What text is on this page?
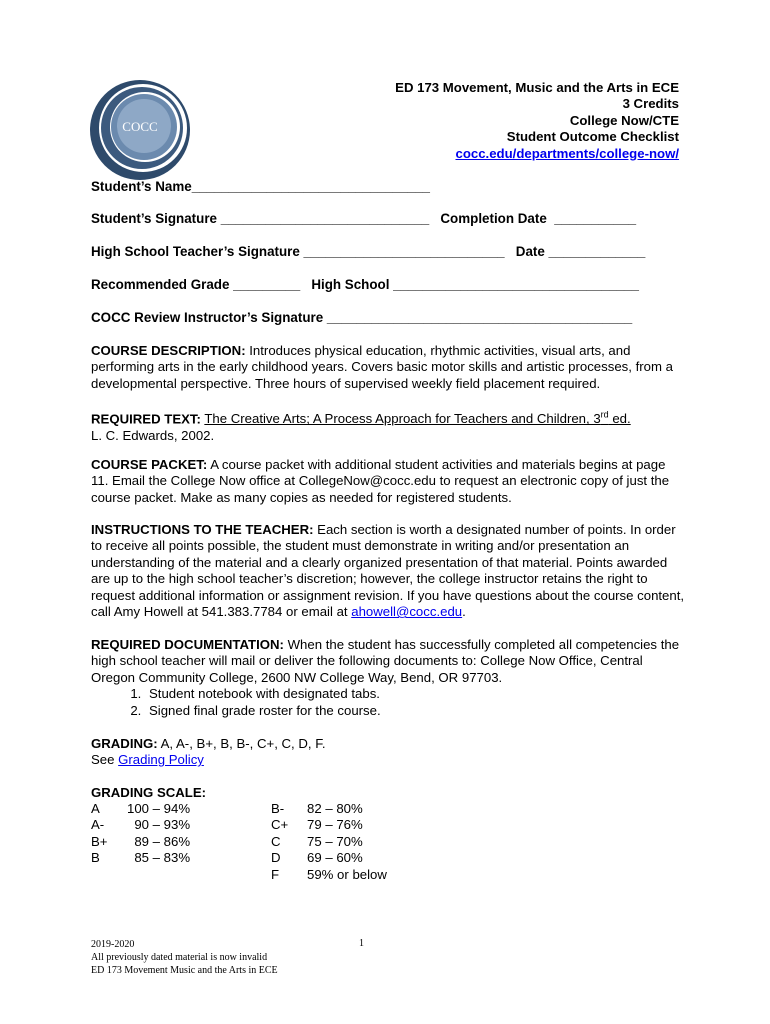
COCC
ED 173 Movement, Music and the Arts in ECE
3 Credits
College Now/CTE
Student Outcome Checklist
cocc.edu/departments/college-now/
Student’s Name________________________________
Student’s Signature ____________________________   Completion Date  ___________
High School Teacher’s Signature ___________________________   Date _____________
Recommended Grade _________   High School _________________________________
COCC Review Instructor’s Signature _________________________________________
COURSE DESCRIPTION: Introduces physical education, rhythmic activities, visual arts, and performing arts in the early childhood years. Covers basic motor skills and artistic processes, from a developmental perspective. Three hours of supervised weekly field placement required.
REQUIRED TEXT: The Creative Arts; A Process Approach for Teachers and Children, 3rd ed.
L. C. Edwards, 2002.
COURSE PACKET: A course packet with additional student activities and materials begins at page 11. Email the College Now office at CollegeNow@cocc.edu to request an electronic copy of just the course packet. Make as many copies as needed for registered students.
INSTRUCTIONS TO THE TEACHER: Each section is worth a designated number of points. In order to receive all points possible, the student must demonstrate in writing and/or presentation an understanding of the material and a clearly organized presentation of that material. Points awarded are up to the high school teacher’s discretion; however, the college instructor retains the right to request additional information or assignment revision. If you have questions about the course content, call Amy Howell at 541.383.7784 or email at ahowell@cocc.edu.
REQUIRED DOCUMENTATION: When the student has successfully completed all competencies the high school teacher will mail or deliver the following documents to: College Now Office, Central Oregon Community College, 2600 NW College Way, Bend, OR 97703.
1. Student notebook with designated tabs.
2. Signed final grade roster for the course.
GRADING: A, A-, B+, B, B-, C+, C, D, F.
See Grading Policy
GRADING SCALE:
A	100 – 94%
A-	90 – 93%
B+	89 – 86%
B	85 – 83%
B-	82 – 80%
C+	79 – 76%
C	75 – 70%
D	69 – 60%
F	59% or below
2019-2020
All previously dated material is now invalid
ED 173 Movement Music and the Arts in ECE
1
